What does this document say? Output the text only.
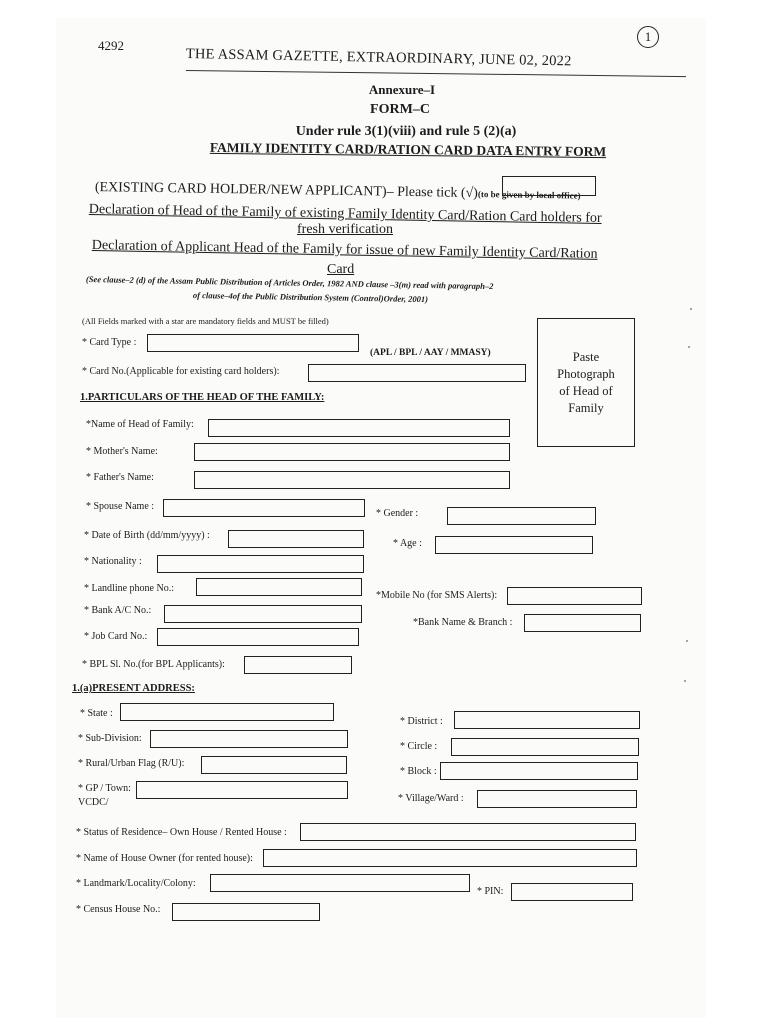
4292
THE ASSAM GAZETTE, EXTRAORDINARY, JUNE 02, 2022
1
Annexure–I
FORM–C
Under rule 3(1)(viii) and rule 5 (2)(a)
FAMILY IDENTITY CARD/RATION CARD DATA ENTRY FORM
(EXISTING CARD HOLDER/NEW APPLICANT)– Please tick (√)(to be given by local office)
Declaration of Head of the Family of existing Family Identity Card/Ration Card holders for
fresh verification
Declaration of Applicant Head of the Family for issue of new Family Identity Card/Ration
Card
(See clause–2 (d) of the Assam Public Distribution of Articles Order, 1982 AND clause –3(m) read with paragraph–2
of clause–4of the Public Distribution System (Control)Order, 2001)
(All Fields marked with a star are mandatory fields and MUST be filled)
Paste Photograph of Head of Family
* Card Type :
(APL / BPL / AAY / MMASY)
* Card No.(Applicable for existing card holders):
1.PARTICULARS OF THE HEAD OF THE FAMILY:
*Name of Head of Family:
* Mother's Name:
* Father's Name:
* Spouse Name :
* Gender :
* Date of Birth (dd/mm/yyyy) :
* Age :
* Nationality :
* Landline phone No.:
*Mobile No (for SMS Alerts):
* Bank A/C No.:
*Bank Name & Branch :
* Job Card No.:
* BPL Sl. No.(for BPL Applicants):
1.(a)PRESENT ADDRESS:
* State :
* District :
* Sub-Division:
* Circle :
* Rural/Urban Flag (R/U):
* Block :
* GP / Town:
VCDC/	* Village/Ward :
* Status of Residence– Own House / Rented House :
* Name of House Owner (for rented house):
* Landmark/Locality/Colony:
* PIN:
* Census House No.:
